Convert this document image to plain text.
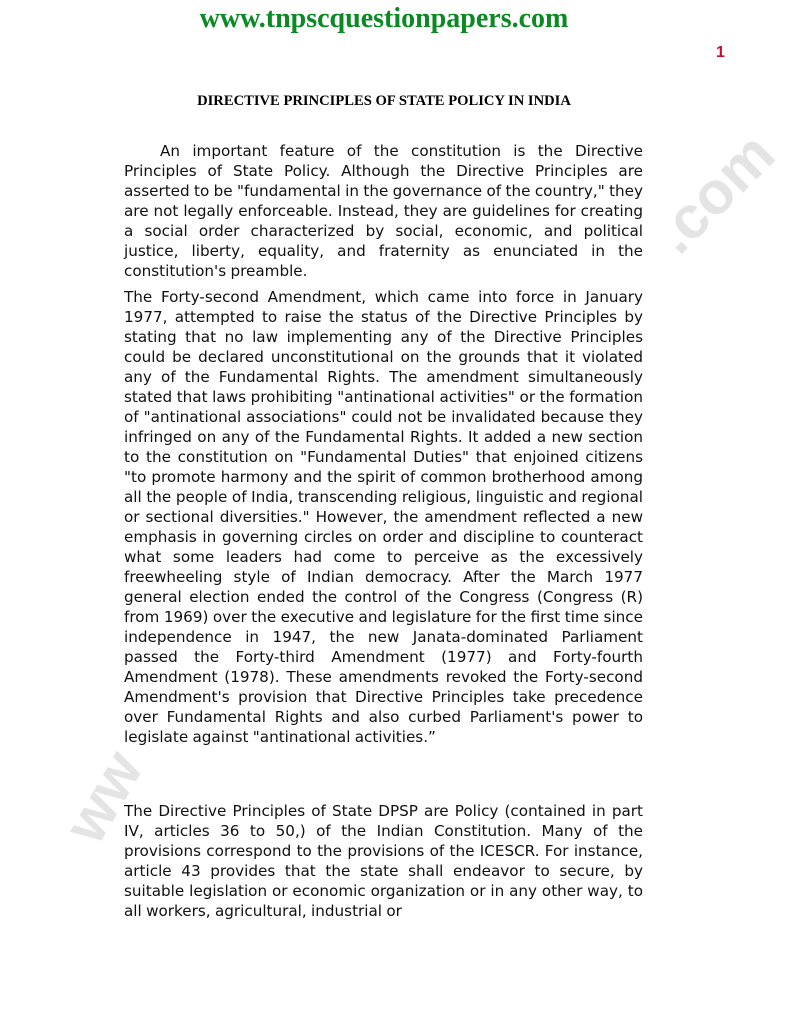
.com
ww
www.tnpscquestionpapers.com
1
DIRECTIVE PRINCIPLES OF STATE POLICY IN INDIA

An important feature of the constitution is the Directive Principles of State Policy. Although the Directive Principles are asserted to be "fundamental in the governance of the country," they are not legally enforceable. Instead, they are guidelines for creating a social order characterized by social, economic, and political justice, liberty, equality, and fraternity as enunciated in the constitution's preamble.

The Forty-second Amendment, which came into force in January 1977, attempted to raise the status of the Directive Principles by stating that no law implementing any of the Directive Principles could be declared unconstitutional on the grounds that it violated any of the Fundamental Rights. The amendment simultaneously stated that laws prohibiting "antinational activities" or the formation of "antinational associations" could not be invalidated because they infringed on any of the Fundamental Rights. It added a new section to the constitution on "Fundamental Duties" that enjoined citizens "to promote harmony and the spirit of common brotherhood among all the people of India, transcending religious, linguistic and regional or sectional diversities." However, the amendment reflected a new emphasis in governing circles on order and discipline to counteract what some leaders had come to perceive as the excessively freewheeling style of Indian democracy. After the March 1977 general election ended the control of the Congress (Congress (R) from 1969) over the executive and legislature for the first time since independence in 1947, the new Janata-dominated Parliament passed the Forty-third Amendment (1977) and Forty-fourth Amendment (1978). These amendments revoked the Forty-second Amendment's provision that Directive Principles take precedence over Fundamental Rights and also curbed Parliament's power to legislate against "antinational activities.”

The Directive Principles of State DPSP are Policy (contained in part IV, articles 36 to 50,) of the Indian Constitution. Many of the provisions correspond to the provisions of the ICESCR. For instance, article 43 provides that the state shall endeavor to secure, by suitable legislation or economic organization or in any other way, to all workers, agricultural, industrial or
